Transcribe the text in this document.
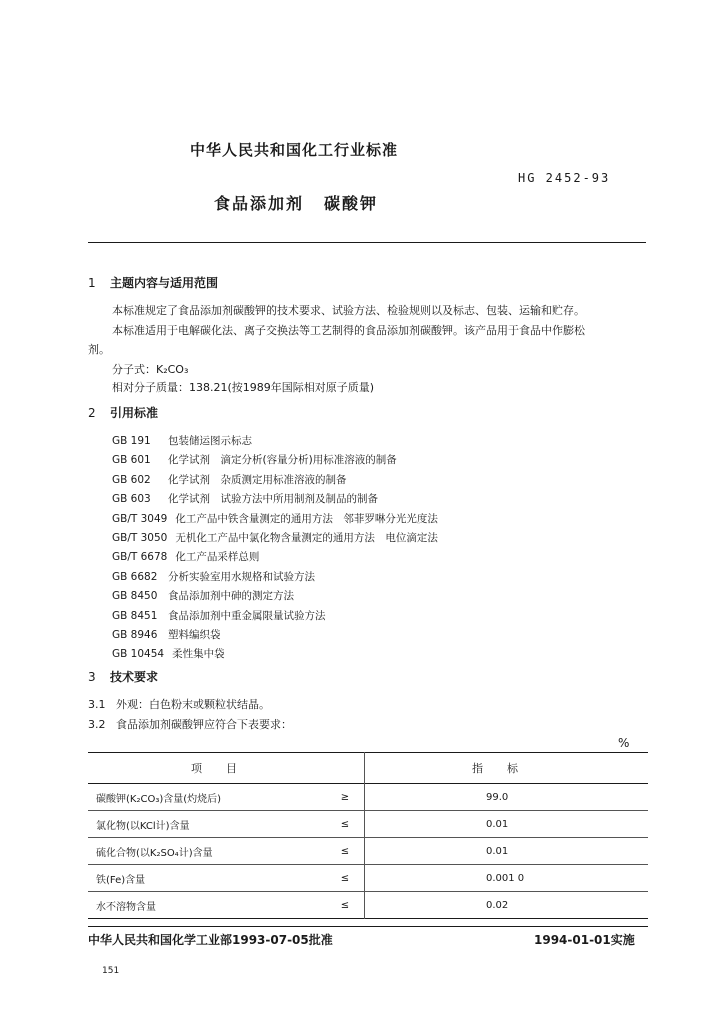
中华人民共和国化工行业标准
HG 2452-93
食品添加剂 碳酸钾
1 主题内容与适用范围
本标准规定了食品添加剂碳酸钾的技术要求、试验方法、检验规则以及标志、包装、运输和贮存。
本标准适用于电解碳化法、离子交换法等工艺制得的食品添加剂碳酸钾。该产品用于食品中作膨松
剂。
分子式：K₂CO₃
相对分子质量：138.21(按1989年国际相对原子质量)
2 引用标准
GB 191 包装储运图示标志
GB 601 化学试剂　滴定分析(容量分析)用标准溶液的制备
GB 602 化学试剂　杂质测定用标准溶液的制备
GB 603 化学试剂　试验方法中所用制剂及制品的制备
GB/T 3049 化工产品中铁含量测定的通用方法　邻菲罗啉分光光度法
GB/T 3050 无机化工产品中氯化物含量测定的通用方法　电位滴定法
GB/T 6678 化工产品采样总则
GB 6682 分析实验室用水规格和试验方法
GB 8450 食品添加剂中砷的测定方法
GB 8451 食品添加剂中重金属限量试验方法
GB 8946 塑料编织袋
GB 10454 柔性集中袋
3 技术要求
3.1 外观：白色粉末或颗粒状结晶。
3.2 食品添加剂碳酸钾应符合下表要求：
%
项目		指标
碳酸钾(K₂CO₃)含量(灼烧后)	≥		99.0
氯化物(以KCl计)含量	≤		0.01
硫化合物(以K₂SO₄计)含量	≤		0.01
铁(Fe)含量	≤		0.001 0
水不溶物含量	≤		0.02
中华人民共和国化学工业部1993-07-05批准	1994-01-01实施
151
